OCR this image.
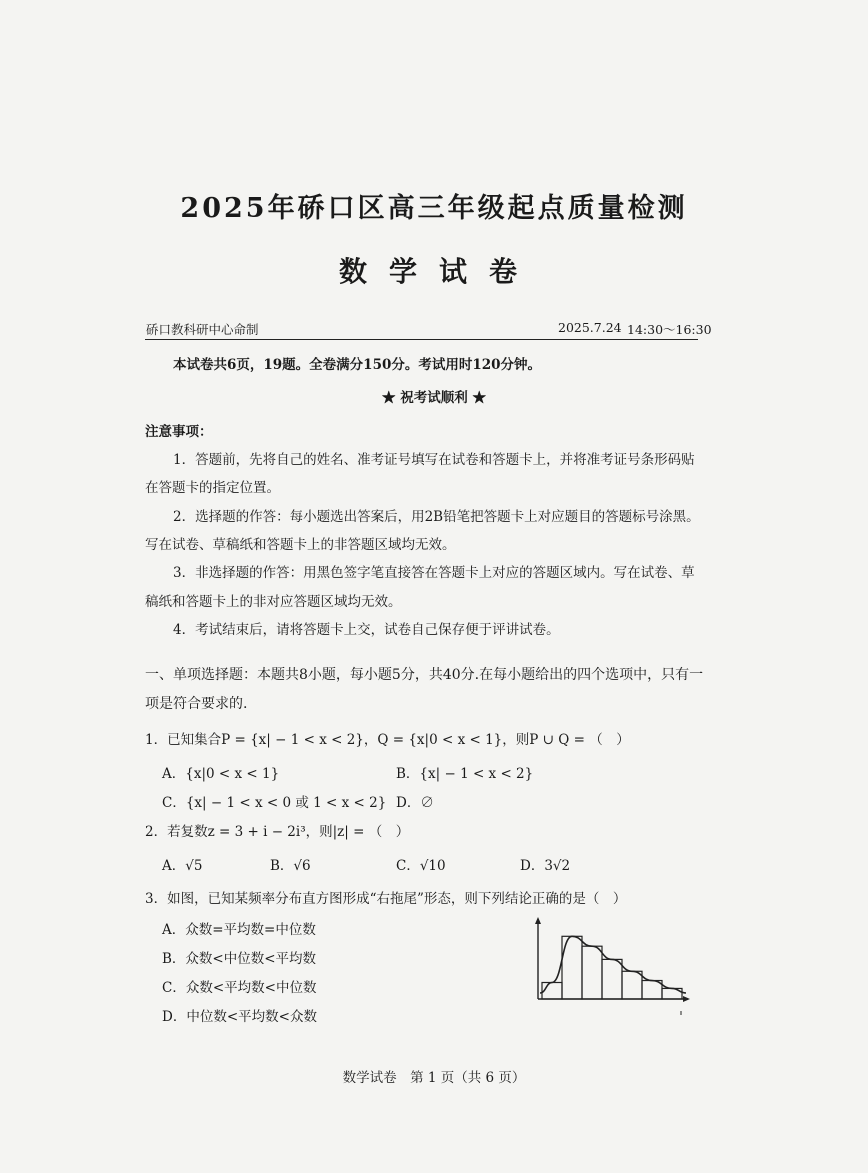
2025年硚口区高三年级起点质量检测
数学试卷
硚口教科研中心命制	2025.7.24 14:30～16:30
本试卷共6页，19题。全卷满分150分。考试用时120分钟。
★ 祝考试顺利 ★
注意事项：
1．答题前，先将自己的姓名、准考证号填写在试卷和答题卡上，并将准考证号条形码贴
在答题卡的指定位置。
2．选择题的作答：每小题选出答案后，用2B铅笔把答题卡上对应题目的答题标号涂黑。
写在试卷、草稿纸和答题卡上的非答题区域均无效。
3．非选择题的作答：用黑色签字笔直接答在答题卡上对应的答题区域内。写在试卷、草
稿纸和答题卡上的非对应答题区域均无效。
4．考试结束后，请将答题卡上交，试卷自己保存便于评讲试卷。
一、单项选择题：本题共8小题，每小题5分，共40分.在每小题给出的四个选项中，只有一
项是符合要求的.
1．已知集合P = {x| − 1 < x < 2}，Q = {x|0 < x < 1}，则P ∪ Q = （　）
A．{x|0 < x < 1}	B．{x| − 1 < x < 2}
C．{x| − 1 < x < 0 或 1 < x < 2} D．∅
2．若复数z = 3 + i − 2i³，则|z| = （　）
A．√5	B．√6	C．√10	D．3√2
3．如图，已知某频率分布直方图形成“右拖尾”形态，则下列结论正确的是（　）
A．众数=平均数=中位数
B．众数<中位数<平均数
C．众数<平均数<中位数
D．中位数<平均数<众数
数学试卷　第 1 页（共 6 页）
